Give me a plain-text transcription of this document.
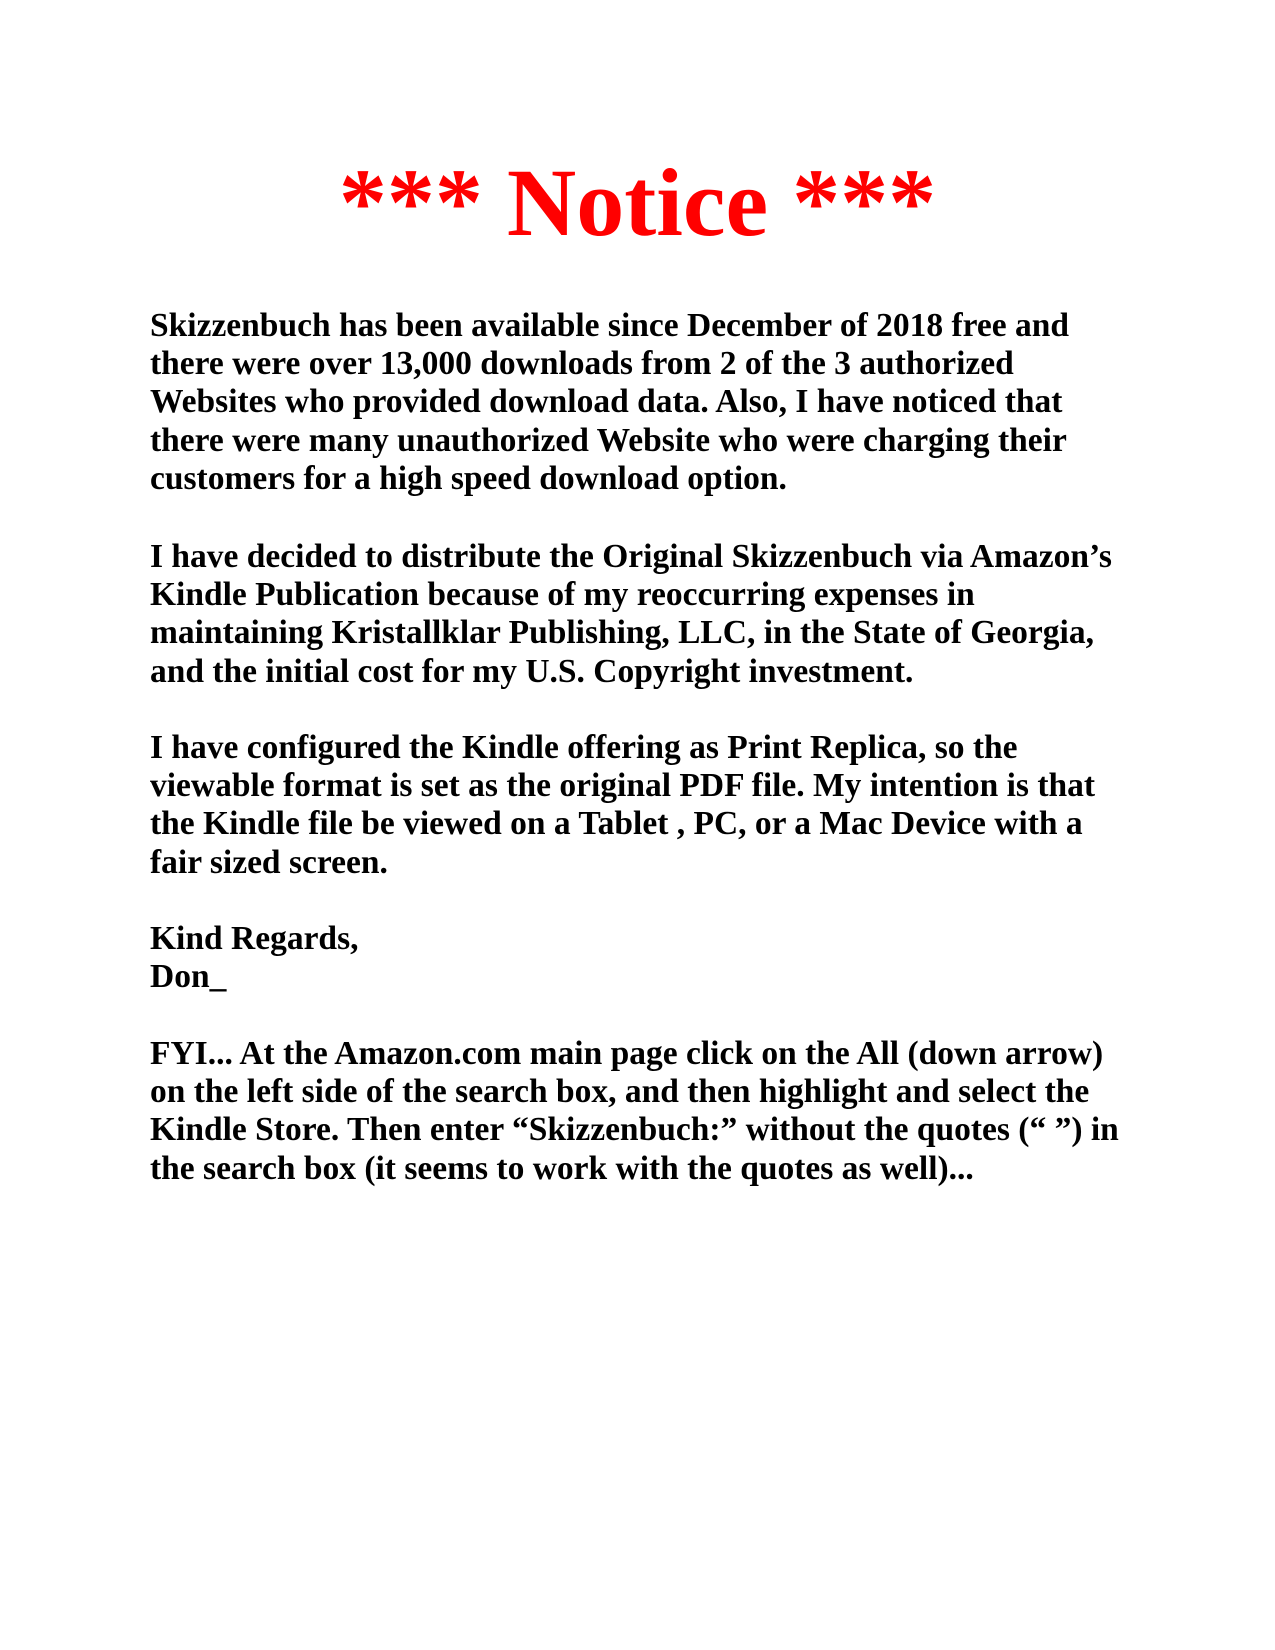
*** Notice ***

Skizzenbuch has been available since December of 2018 free and
there were over 13,000 downloads from 2 of the 3 authorized
Websites who provided download data. Also, I have noticed that
there were many unauthorized Website who were charging their
customers for a high speed download option.

I have decided to distribute the Original Skizzenbuch via Amazon’s
Kindle Publication because of my reoccurring expenses in
maintaining Kristallklar Publishing, LLC, in the State of Georgia,
and the initial cost for my U.S. Copyright investment.

I have configured the Kindle offering as Print Replica, so the
viewable format is set as the original PDF file. My intention is that
the Kindle file be viewed on a Tablet , PC, or a Mac Device with a
fair sized screen.

Kind Regards,
Don_

FYI... At the Amazon.com main page click on the All (down arrow)
on the left side of the search box, and then highlight and select the
Kindle Store. Then enter “Skizzenbuch:” without the quotes (“ ”) in
the search box (it seems to work with the quotes as well)...
